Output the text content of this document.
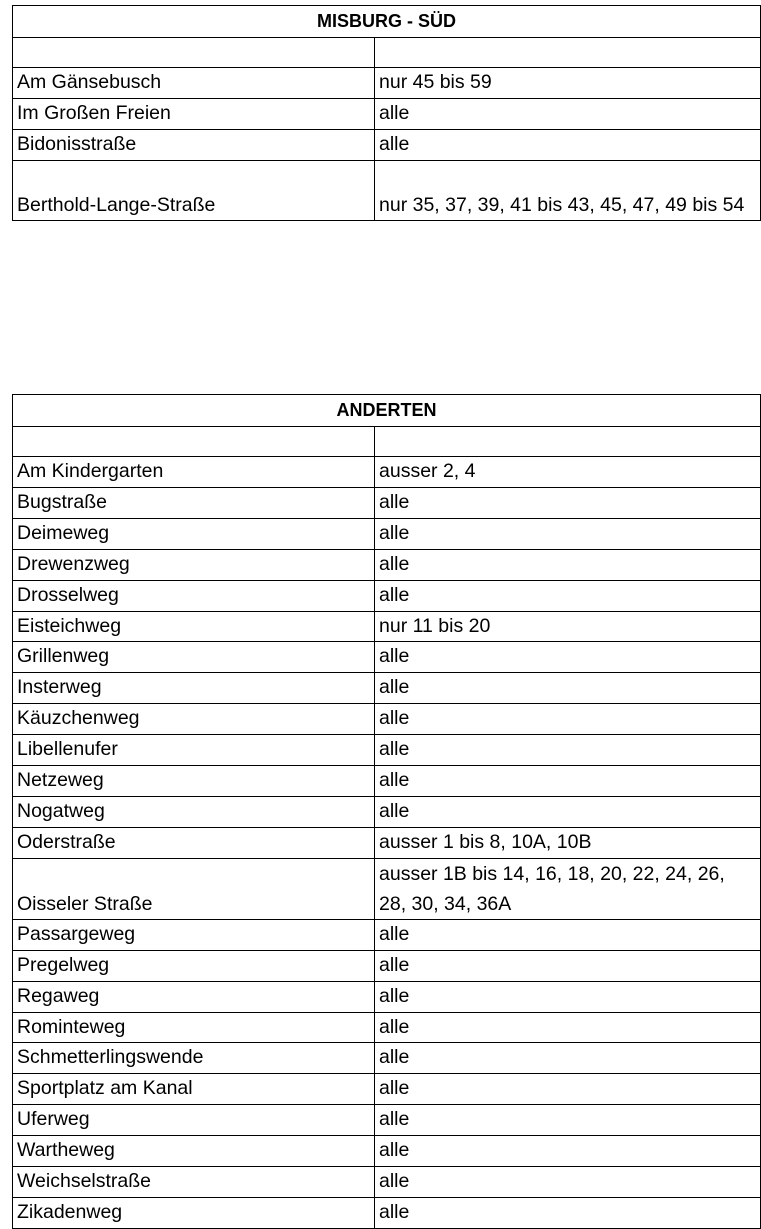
MISBURG - SÜD	

Am Gänsebusch	nur 45 bis 59
Im Großen Freien	alle
Bidonisstraße	alle
Berthold-Lange-Straße	nur 35, 37, 39, 41 bis 43, 45, 47, 49 bis 54
ANDERTEN	

Am Kindergarten	ausser 2, 4
Bugstraße	alle
Deimeweg	alle
Drewenzweg	alle
Drosselweg	alle
Eisteichweg	nur 11 bis 20
Grillenweg	alle
Insterweg	alle
Käuzchenweg	alle
Libellenufer	alle
Netzeweg	alle
Nogatweg	alle
Oderstraße	ausser 1 bis 8, 10A, 10B
Oisseler Straße	ausser 1B bis 14, 16, 18, 20, 22, 24, 26, 28, 30, 34, 36A
Passargeweg	alle
Pregelweg	alle
Regaweg	alle
Rominteweg	alle
Schmetterlingswende	alle
Sportplatz am Kanal	alle
Uferweg	alle
Wartheweg	alle
Weichselstraße	alle
Zikadenweg	alle
